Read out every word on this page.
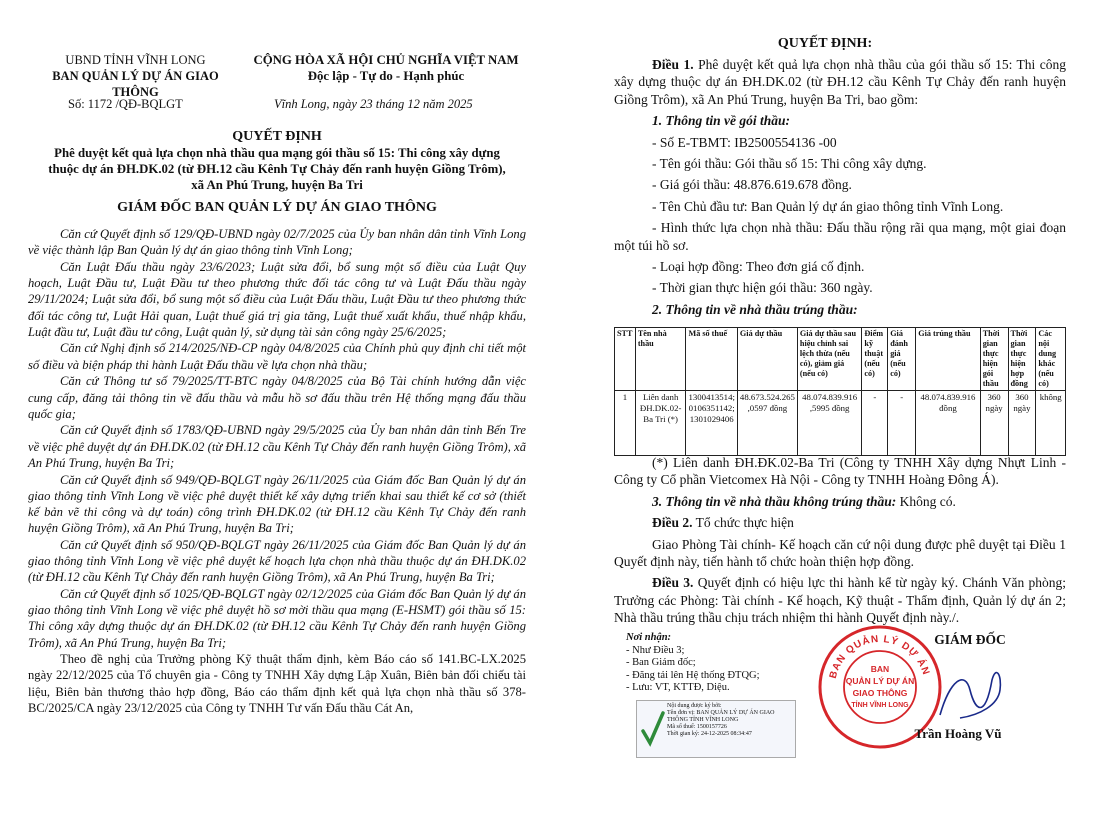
UBND TỈNH VĨNH LONG
BAN QUẢN LÝ DỰ ÁN GIAO THÔNG
CỘNG HÒA XÃ HỘI CHỦ NGHĨA VIỆT NAM
Độc lập - Tự do - Hạnh phúc
Số: 1172 /QĐ-BQLGT	Vĩnh Long, ngày 23 tháng 12 năm 2025
QUYẾT ĐỊNH
Phê duyệt kết quả lựa chọn nhà thầu qua mạng gói thầu số 15: Thi công xây dựng
thuộc dự án ĐH.DK.02 (từ ĐH.12 cầu Kênh Tự Chảy đến ranh huyện Giồng Trôm),
xã An Phú Trung, huyện Ba Tri
GIÁM ĐỐC BAN QUẢN LÝ DỰ ÁN GIAO THÔNG

Căn cứ Quyết định số 129/QĐ-UBND ngày 02/7/2025 của Ủy ban nhân dân tỉnh Vĩnh Long về việc thành lập Ban Quản lý dự án giao thông tỉnh Vĩnh Long;

Căn Luật Đấu thầu ngày 23/6/2023; Luật sửa đổi, bổ sung một số điều của Luật Quy hoạch, Luật Đầu tư, Luật Đầu tư theo phương thức đối tác công tư và Luật Đấu thầu ngày 29/11/2024; Luật sửa đổi, bổ sung một số điều của Luật Đấu thầu, Luật Đầu tư theo phương thức đối tác công tư, Luật Hải quan, Luật thuế giá trị gia tăng, Luật thuế xuất khẩu, thuế nhập khẩu, Luật đầu tư, Luật đầu tư công, Luật quản lý, sử dụng tài sản công ngày 25/6/2025;

Căn cứ Nghị định số 214/2025/NĐ-CP ngày 04/8/2025 của Chính phủ quy định chi tiết một số điều và biện pháp thi hành Luật Đấu thầu về lựa chọn nhà thầu;

Căn cứ Thông tư số 79/2025/TT-BTC ngày 04/8/2025 của Bộ Tài chính hướng dẫn việc cung cấp, đăng tải thông tin về đấu thầu và mẫu hồ sơ đấu thầu trên Hệ thống mạng đấu thầu quốc gia;

Căn cứ Quyết định số 1783/QĐ-UBND ngày 29/5/2025 của Ủy ban nhân dân tỉnh Bến Tre về việc phê duyệt dự án ĐH.DK.02 (từ ĐH.12 cầu Kênh Tự Chảy đến ranh huyện Giồng Trôm), xã An Phú Trung, huyện Ba Tri;

Căn cứ Quyết định số 949/QĐ-BQLGT ngày 26/11/2025 của Giám đốc Ban Quản lý dự án giao thông tỉnh Vĩnh Long về việc phê duyệt thiết kế xây dựng triển khai sau thiết kế cơ sở (thiết kế bản vẽ thi công và dự toán) công trình ĐH.DK.02 (từ ĐH.12 cầu Kênh Tự Chảy đến ranh huyện Giồng Trôm), xã An Phú Trung, huyện Ba Tri;

Căn cứ Quyết định số 950/QĐ-BQLGT ngày 26/11/2025 của Giám đốc Ban Quản lý dự án giao thông tỉnh Vĩnh Long về việc phê duyệt kế hoạch lựa chọn nhà thầu thuộc dự án ĐH.DK.02 (từ ĐH.12 cầu Kênh Tự Chảy đến ranh huyện Giồng Trôm), xã An Phú Trung, huyện Ba Tri;

Căn cứ Quyết định số 1025/QĐ-BQLGT ngày 02/12/2025 của Giám đốc Ban Quản lý dự án giao thông tỉnh Vĩnh Long về việc phê duyệt hồ sơ mời thầu qua mạng (E-HSMT) gói thầu số 15: Thi công xây dựng thuộc dự án ĐH.DK.02 (từ ĐH.12 cầu Kênh Tự Chảy đến ranh huyện Giồng Trôm), xã An Phú Trung, huyện Ba Tri;

Theo đề nghị của Trưởng phòng Kỹ thuật thẩm định, kèm Báo cáo số 141.BC-LX.2025 ngày 22/12/2025 của Tổ chuyên gia - Công ty TNHH Xây dựng Lập Xuân, Biên bản đối chiếu tài liệu, Biên bản thương thảo hợp đồng, Báo cáo thẩm định kết quả lựa chọn nhà thầu số 378-BC/2025/CA ngày 23/12/2025 của Công ty TNHH Tư vấn Đấu thầu Cát An,

QUYẾT ĐỊNH:

Điều 1. Phê duyệt kết quả lựa chọn nhà thầu của gói thầu số 15: Thi công xây dựng thuộc dự án ĐH.DK.02 (từ ĐH.12 cầu Kênh Tự Chảy đến ranh huyện Giồng Trôm), xã An Phú Trung, huyện Ba Tri, bao gồm:

1. Thông tin về gói thầu:

- Số E-TBMT: IB2500554136 -00

- Tên gói thầu: Gói thầu số 15: Thi công xây dựng.

- Giá gói thầu: 48.876.619.678 đồng.

- Tên Chủ đầu tư: Ban Quản lý dự án giao thông tỉnh Vĩnh Long.

- Hình thức lựa chọn nhà thầu: Đấu thầu rộng rãi qua mạng, một giai đoạn một túi hồ sơ.

- Loại hợp đồng: Theo đơn giá cố định.

- Thời gian thực hiện gói thầu: 360 ngày.

2. Thông tin về nhà thầu trúng thầu:

STT	Tên nhà thầu	Mã số thuế	Giá dự thầu	Giá dự thầu sau hiệu chỉnh sai lệch thừa (nếu có), giảm giá (nếu có)	Điểm kỹ thuật (nếu có)	Giá đánh giá (nếu có)	Giá trúng thầu	Thời gian thực hiện gói thầu	Thời gian thực hiện hợp đồng	Các nội dung khác (nếu có)
1	Liên danh ĐH.DK.02-Ba Tri (*)	1300413514; 0106351142; 1301029406	48.673.524.265 ,0597 đồng	48.074.839.916 ,5995 đồng	-	-	48.074.839.916 đồng	360 ngày	360 ngày	không

(*) Liên danh ĐH.ĐK.02-Ba Tri (Công ty TNHH Xây dựng Nhựt Linh - Công ty Cổ phần Vietcomex Hà Nội - Công ty TNHH Hoàng Đông Á).

3. Thông tin về nhà thầu không trúng thầu: Không có.

Điều 2. Tổ chức thực hiện

Giao Phòng Tài chính- Kế hoạch căn cứ nội dung được phê duyệt tại Điều 1 Quyết định này, tiến hành tổ chức hoàn thiện hợp đồng.

Điều 3. Quyết định có hiệu lực thi hành kể từ ngày ký. Chánh Văn phòng; Trưởng các Phòng: Tài chính - Kế hoạch, Kỹ thuật - Thẩm định, Quản lý dự án 2; Nhà thầu trúng thầu chịu trách nhiệm thi hành Quyết định này./.

Nơi nhận:
- Như Điều 3;
- Ban Giám đốc;
- Đăng tải lên Hệ thống ĐTQG;
- Lưu: VT, KTTĐ, Diệu.
Nội dung được ký bởi:
Tên đơn vị: BAN QUẢN LÝ DỰ ÁN GIAO THÔNG TỈNH VĨNH LONG
Mã số thuế: 1500157726
Thời gian ký: 24-12-2025 08:34:47
BAN QUẢN LÝ DỰ ÁN
BAN
QUẢN LÝ DỰ ÁN
GIAO THÔNG
TỈNH VĨNH LONG
GIÁM ĐỐC
Trần Hoàng Vũ
